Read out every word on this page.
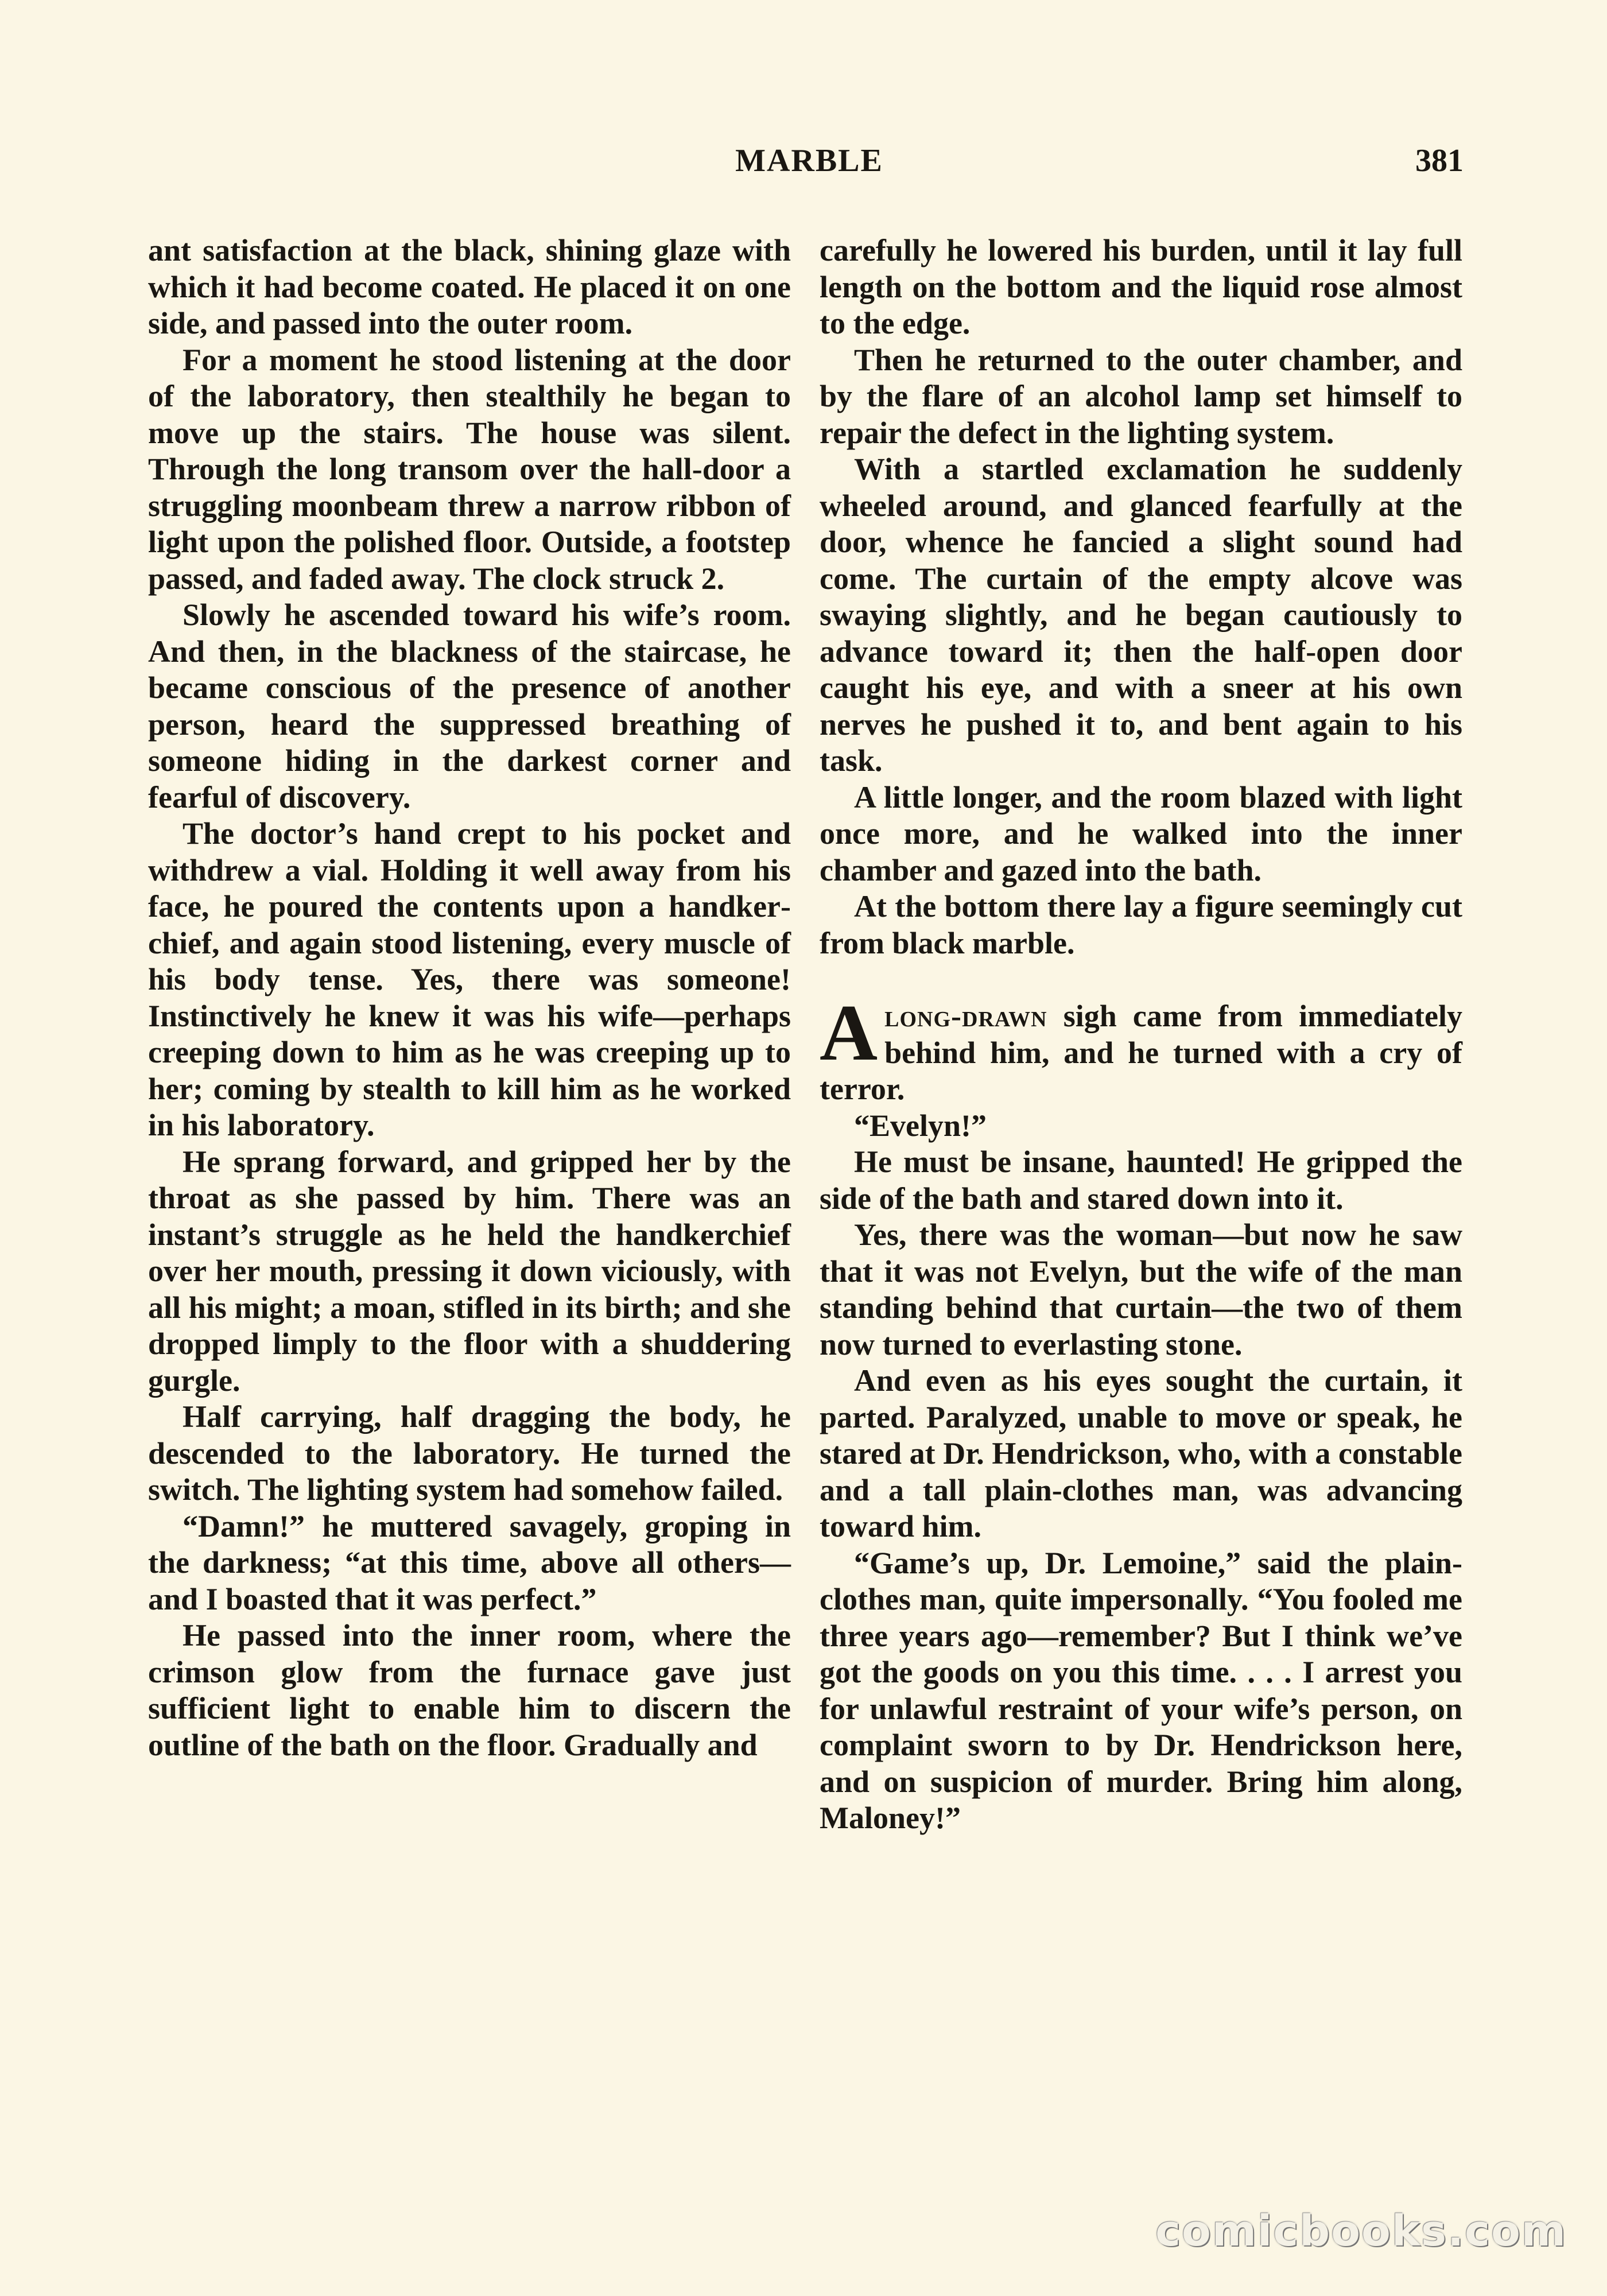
MARBLE	381

ant satisfaction at the black, shining glaze with which it had become coated. He placed it on one side, and passed into the outer room.

For a moment he stood listening at the door of the laboratory, then stealthily he began to move up the stairs. The house was silent. Through the long transom over the hall-door a struggling moonbeam threw a narrow ribbon of light upon the polished floor. Outside, a footstep passed, and faded away. The clock struck 2.

Slowly he ascended toward his wife’s room. And then, in the blackness of the staircase, he became conscious of the presence of another person, heard the suppressed breathing of someone hiding in the darkest corner and fearful of discovery.

The doctor’s hand crept to his pocket and withdrew a vial. Holding it well away from his face, he poured the contents upon a handkerchief, and again stood listening, every muscle of his body tense. Yes, there was someone! Instinctively he knew it was his wife—perhaps creeping down to him as he was creeping up to her; coming by stealth to kill him as he worked in his laboratory.

He sprang forward, and gripped her by the throat as she passed by him. There was an instant’s struggle as he held the handkerchief over her mouth, pressing it down viciously, with all his might; a moan, stifled in its birth; and she dropped limply to the floor with a shuddering gurgle.

Half carrying, half dragging the body, he descended to the laboratory. He turned the switch. The lighting system had somehow failed.

“Damn!” he muttered savagely, groping in the darkness; “at this time, above all others—and I boasted that it was perfect.”

He passed into the inner room, where the crimson glow from the furnace gave just sufficient light to enable him to discern the outline of the bath on the floor. Gradually and

carefully he lowered his burden, until it lay full length on the bottom and the liquid rose almost to the edge.

Then he returned to the outer chamber, and by the flare of an alcohol lamp set himself to repair the defect in the lighting system.

With a startled exclamation he suddenly wheeled around, and glanced fearfully at the door, whence he fancied a slight sound had come. The curtain of the empty alcove was swaying slightly, and he began cautiously to advance toward it; then the half-open door caught his eye, and with a sneer at his own nerves he pushed it to, and bent again to his task.

A little longer, and the room blazed with light once more, and he walked into the inner chamber and gazed into the bath.

At the bottom there lay a figure seemingly cut from black marble.

Along-drawn sigh came from immediately behind him, and he turned with a cry of terror.

“Evelyn!”

He must be insane, haunted! He gripped the side of the bath and stared down into it.

Yes, there was the woman—but now he saw that it was not Evelyn, but the wife of the man standing behind that curtain—the two of them now turned to everlasting stone.

And even as his eyes sought the curtain, it parted. Paralyzed, unable to move or speak, he stared at Dr. Hendrickson, who, with a constable and a tall plain-clothes man, was advancing toward him.

“Game’s up, Dr. Lemoine,” said the plain-clothes man, quite impersonally. “You fooled me three years ago—remember? But I think we’ve got the goods on you this time. . . . I arrest you for unlawful restraint of your wife’s person, on complaint sworn to by Dr. Hendrickson here, and on suspicion of murder. Bring him along, Maloney!”

comicbooks.com
